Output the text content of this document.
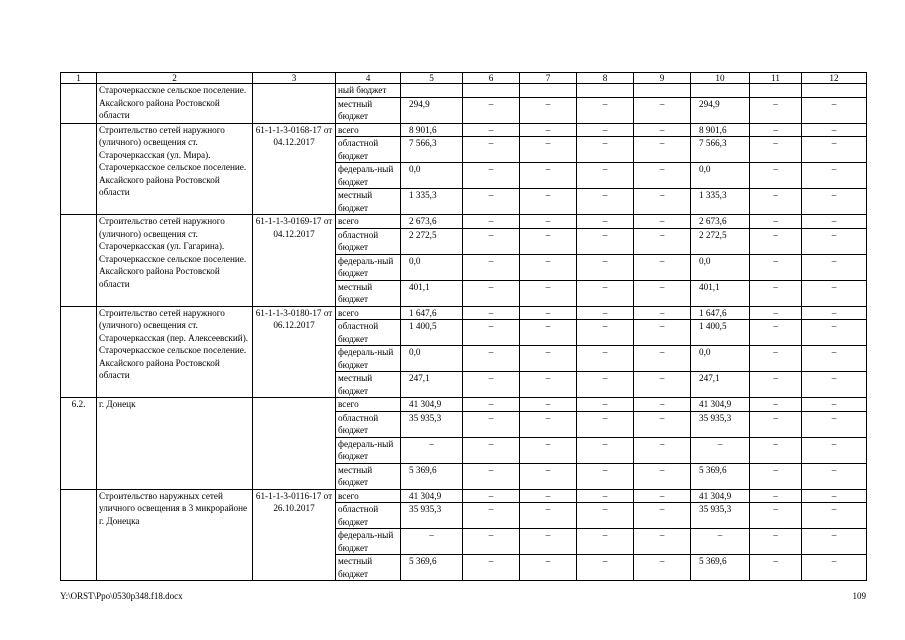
1	2	3	4	5	6	7	8	9	10	11	12
	Старочеркасское сельское поселение. Аксайского района Ростовской области		ный бюджет								
			местный бюджет	294,9	–	–	–	–	294,9	–	–
	Строительство сетей наружного (уличного) освещения ст. Старочеркасская (ул. Мира). Старочеркасское сельское поселение. Аксайского района Ростовской области	61-1-1-3-0168-17 от 04.12.2017	всего	8 901,6	–	–	–	–	8 901,6	–	–
			областной бюджет	7 566,3	–	–	–	–	7 566,3	–	–
			федераль-ный бюджет	0,0	–	–	–	–	0,0	–	–
			местный бюджет	1 335,3	–	–	–	–	1 335,3	–	–
	Строительство сетей наружного (уличного) освещения ст. Старочеркасская (ул. Гагарина). Старочеркасское сельское поселение. Аксайского района Ростовской области	61-1-1-3-0169-17 от 04.12.2017	всего	2 673,6	–	–	–	–	2 673,6	–	–
			областной бюджет	2 272,5	–	–	–	–	2 272,5	–	–
			федераль-ный бюджет	0,0	–	–	–	–	0,0	–	–
			местный бюджет	401,1	–	–	–	–	401,1	–	–
	Строительство сетей наружного (уличного) освещения ст. Старочеркасская (пер. Алексеевский). Старочеркасское сельское поселение. Аксайского района Ростовской области	61-1-1-3-0180-17 от 06.12.2017	всего	1 647,6	–	–	–	–	1 647,6	–	–
			областной бюджет	1 400,5	–	–	–	–	1 400,5	–	–
			федераль-ный бюджет	0,0	–	–	–	–	0,0	–	–
			местный бюджет	247,1	–	–	–	–	247,1	–	–
6.2.	г. Донецк		всего	41 304,9	–	–	–	–	41 304,9	–	–
			областной бюджет	35 935,3	–	–	–	–	35 935,3	–	–
			федераль-ный бюджет	–	–	–	–	–	–	–	–
			местный бюджет	5 369,6	–	–	–	–	5 369,6	–	–
	Строительство наружных сетей уличного освещения в 3 микрорайоне г. Донецка	61-1-1-3-0116-17 от 26.10.2017	всего	41 304,9	–	–	–	–	41 304,9	–	–
			областной бюджет	35 935,3	–	–	–	–	35 935,3	–	–
			федераль-ный бюджет	–	–	–	–	–	–	–	–
			местный бюджет	5 369,6	–	–	–	–	5 369,6	–	–
Y:\ORST\Ppo\0530p348.f18.docx	109
